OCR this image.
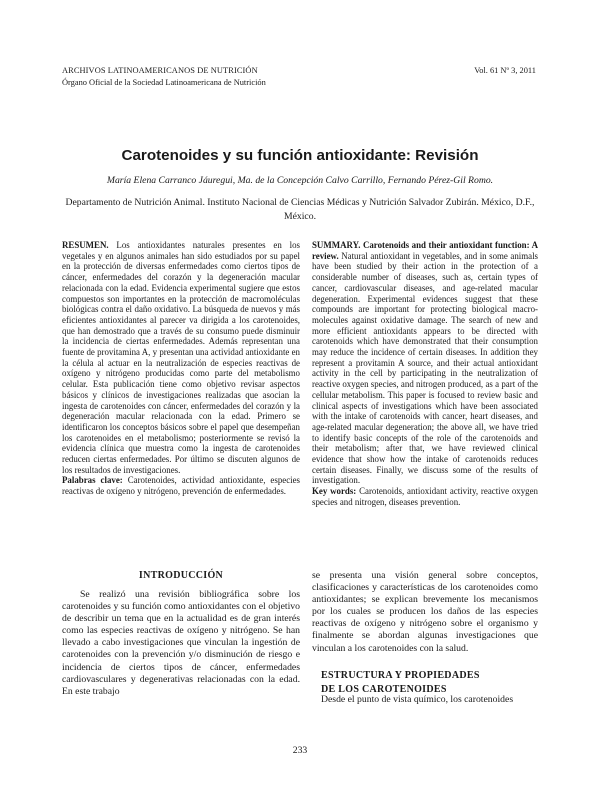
ARCHIVOS LATINOAMERICANOS DE NUTRICIÓN
Órgano Oficial de la Sociedad Latinoamericana de Nutrición
Vol. 61 Nº 3, 2011
Carotenoides y su función antioxidante: Revisión
María Elena Carranco Jáuregui, Ma. de la Concepción Calvo Carrillo, Fernando Pérez-Gil Romo.
Departamento de Nutrición Animal. Instituto Nacional de Ciencias Médicas y Nutrición Salvador Zubirán. México, D.F., México.
RESUMEN. Los antioxidantes naturales presentes en los vegetales y en algunos animales han sido estudiados por su papel en la protección de diversas enfermedades como ciertos tipos de cáncer, enfermedades del corazón y la degeneración macular relacionada con la edad. Evidencia experimental sugiere que estos compuestos son importantes en la protección de macromoléculas biológicas contra el daño oxidativo. La búsqueda de nuevos y más eficientes antioxidantes al parecer va dirigida a los carotenoides, que han demostrado que a través de su consumo puede disminuir la incidencia de ciertas enfermedades. Además representan una fuente de provitamina A, y presentan una actividad antioxidante en la célula al actuar en la neutralización de especies reactivas de oxígeno y nitrógeno producidas como parte del metabolismo celular. Esta publicación tiene como objetivo revisar aspectos básicos y clínicos de investigaciones realizadas que asocian la ingesta de carotenoides con cáncer, enfermedades del corazón y la degeneración macular relacionada con la edad. Primero se identificaron los conceptos básicos sobre el papel que desempeñan los carotenoides en el metabolismo; posteriormente se revisó la evidencia clínica que muestra como la ingesta de carotenoides reducen ciertas enfermedades. Por último se discuten algunos de los resultados de investigaciones.
Palabras clave: Carotenoides, actividad antioxidante, especies reactivas de oxígeno y nitrógeno, prevención de enfermedades.
SUMMARY. Carotenoids and their antioxidant function: A review. Natural antioxidant in vegetables, and in some animals have been studied by their action in the protection of a considerable number of diseases, such as, certain types of cancer, cardiovascular diseases, and age-related macular degeneration. Experimental evidences suggest that these compounds are important for protecting biological macro-molecules against oxidative damage. The search of new and more efficient antioxidants appears to be directed with carotenoids which have demonstrated that their consumption may reduce the incidence of certain diseases. In addition they represent a provitamin A source, and their actual antioxidant activity in the cell by participating in the neutralization of reactive oxygen species, and nitrogen produced, as a part of the cellular metabolism. This paper is focused to review basic and clinical aspects of investigations which have been associated with the intake of carotenoids with cancer, heart diseases, and age-related macular degeneration; the above all, we have tried to identify basic concepts of the role of the carotenoids and their metabolism; after that, we have reviewed clinical evidence that show how the intake of carotenoids reduces certain diseases. Finally, we discuss some of the results of investigation.
Key words: Carotenoids, antioxidant activity, reactive oxygen species and nitrogen, diseases prevention.
INTRODUCCIÓN
Se realizó una revisión bibliográfica sobre los carotenoides y su función como antioxidantes con el objetivo de describir un tema que en la actualidad es de gran interés como las especies reactivas de oxígeno y nitrógeno. Se han llevado a cabo investigaciones que vinculan la ingestión de carotenoides con la prevención y/o disminución de riesgo e incidencia de ciertos tipos de cáncer, enfermedades cardiovasculares y degenerativas relacionadas con la edad. En este trabajo
se presenta una visión general sobre conceptos, clasificaciones y características de los carotenoides como antioxidantes; se explican brevemente los mecanismos por los cuales se producen los daños de las especies reactivas de oxígeno y nitrógeno sobre el organismo y finalmente se abordan algunas investigaciones que vinculan a los carotenoides con la salud.
ESTRUCTURA Y PROPIEDADES
DE LOS CAROTENOIDES
Desde el punto de vista químico, los carotenoides
233
